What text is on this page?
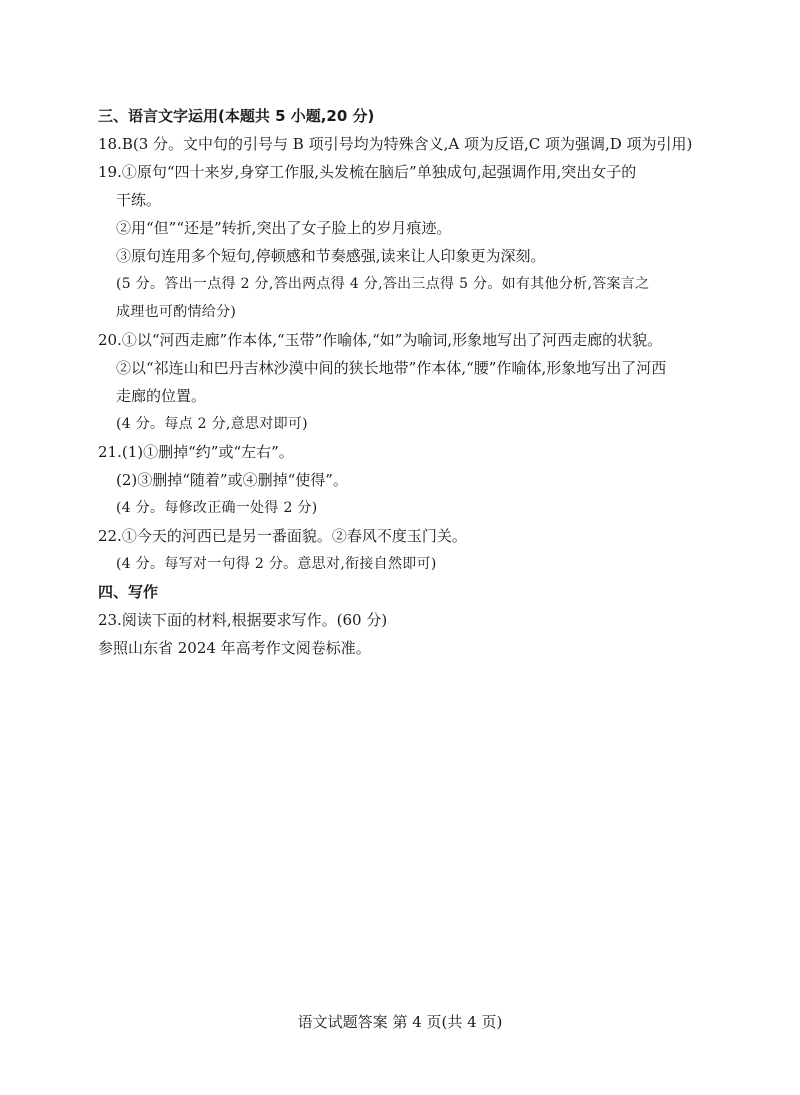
三、语言文字运用(本题共 5 小题,20 分)
18.B(3 分。文中句的引号与 B 项引号均为特殊含义,A 项为反语,C 项为强调,D 项为引用)
19.①原句“四十来岁,身穿工作服,头发梳在脑后”单独成句,起强调作用,突出女子的
干练。
②用“但”“还是”转折,突出了女子脸上的岁月痕迹。
③原句连用多个短句,停顿感和节奏感强,读来让人印象更为深刻。
(5 分。答出一点得 2 分,答出两点得 4 分,答出三点得 5 分。如有其他分析,答案言之
成理也可酌情给分)
20.①以“河西走廊”作本体,“玉带”作喻体,“如”为喻词,形象地写出了河西走廊的状貌。
②以“祁连山和巴丹吉林沙漠中间的狭长地带”作本体,“腰”作喻体,形象地写出了河西
走廊的位置。
(4 分。每点 2 分,意思对即可)
21.(1)①删掉“约”或“左右”。
(2)③删掉“随着”或④删掉“使得”。
(4 分。每修改正确一处得 2 分)
22.①今天的河西已是另一番面貌。②春风不度玉门关。
(4 分。每写对一句得 2 分。意思对,衔接自然即可)
四、写作
23.阅读下面的材料,根据要求写作。(60 分)
参照山东省 2024 年高考作文阅卷标准。
语文试题答案 第 4 页(共 4 页)
